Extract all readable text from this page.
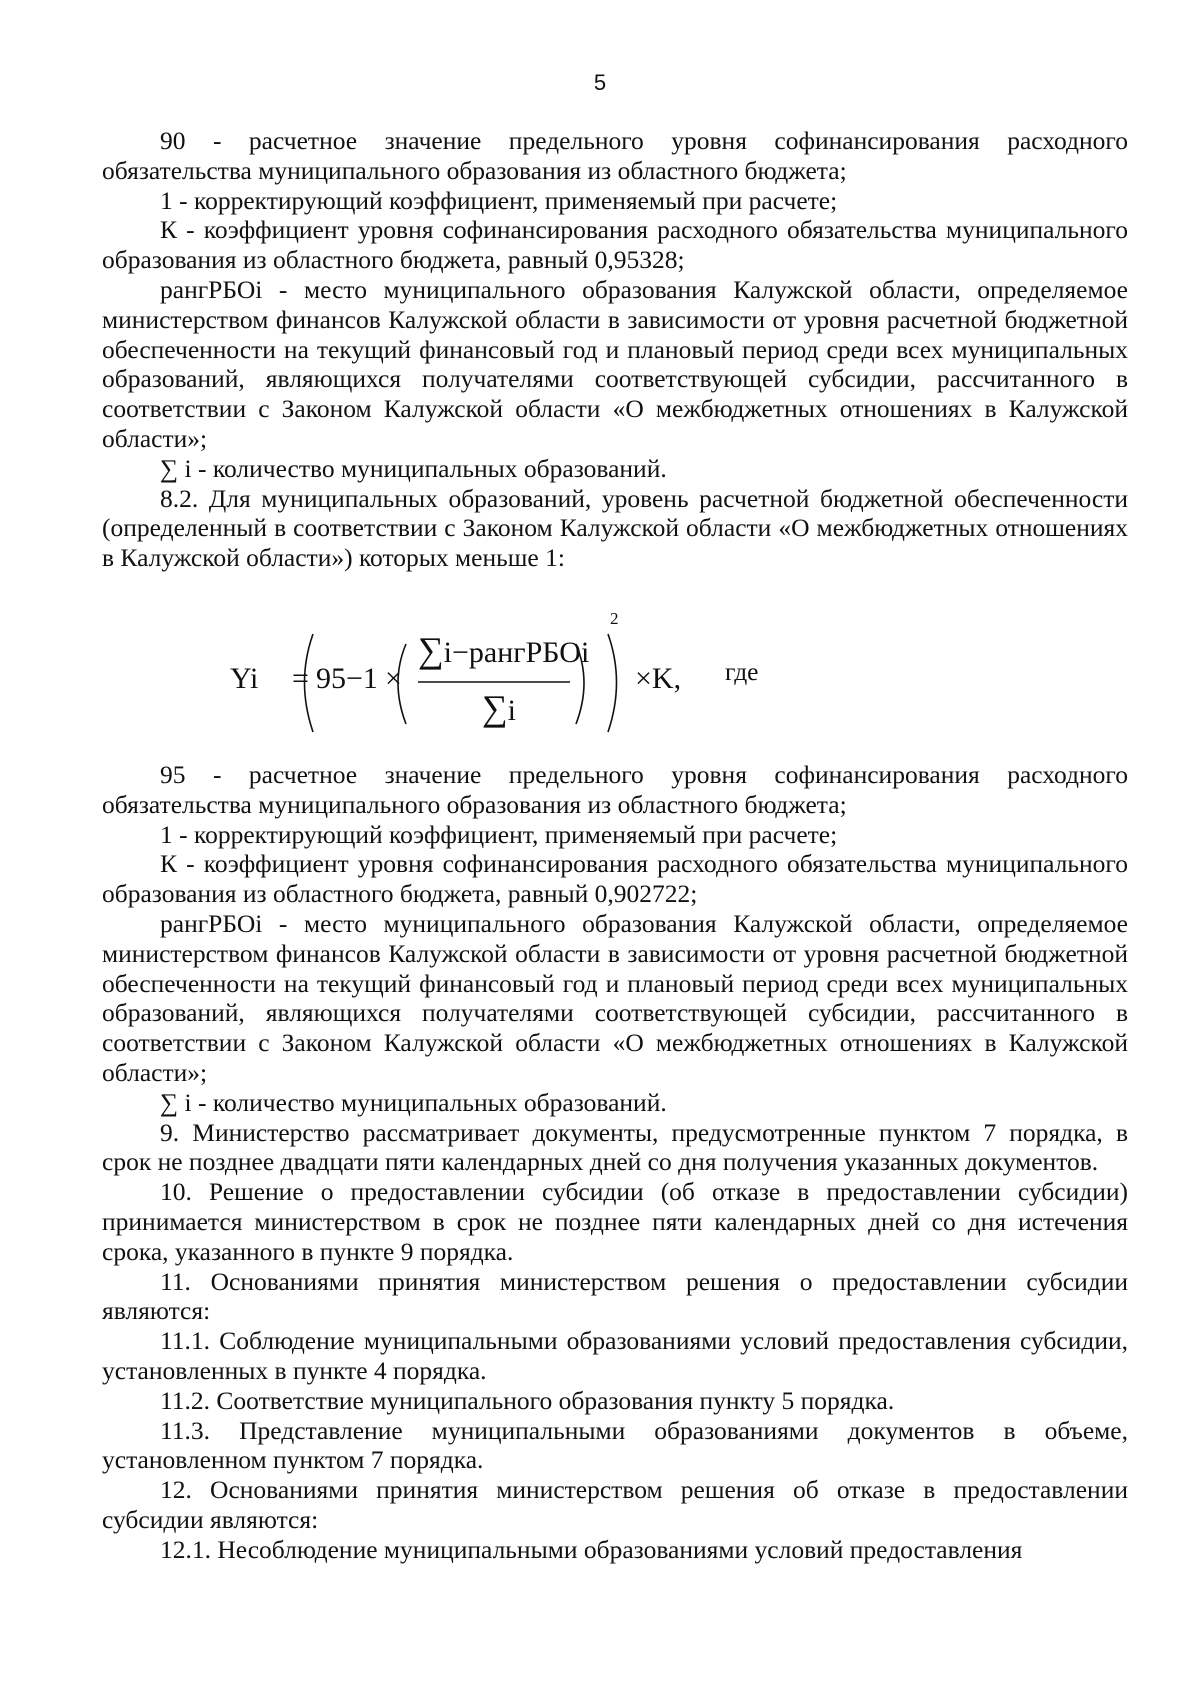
5

90 - расчетное значение предельного уровня софинансирования расходного обязательства муниципального образования из областного бюджета;

1 - корректирующий коэффициент, применяемый при расчете;

К - коэффициент уровня софинансирования расходного обязательства муниципального образования из областного бюджета, равный 0,95328;

рангРБОi - место муниципального образования Калужской области, определяемое министерством финансов Калужской области в зависимости от уровня расчетной бюджетной обеспеченности на текущий финансовый год и плановый период среди всех муниципальных образований, являющихся получателями соответствующей субсидии, рассчитанного в соответствии с Законом Калужской области «О межбюджетных отношениях в Калужской области»;

∑ i - количество муниципальных образований.

8.2. Для муниципальных образований, уровень расчетной бюджетной обеспеченности (определенный в соответствии с Законом Калужской области «О межбюджетных отношениях в Калужской области») которых меньше 1:

Yi = 95−1 ×
∑i−рангРБОi
∑i
2
×K, где

95 - расчетное значение предельного уровня софинансирования расходного обязательства муниципального образования из областного бюджета;

1 - корректирующий коэффициент, применяемый при расчете;

К - коэффициент уровня софинансирования расходного обязательства муниципального образования из областного бюджета, равный 0,902722;

рангРБОi - место муниципального образования Калужской области, определяемое министерством финансов Калужской области в зависимости от уровня расчетной бюджетной обеспеченности на текущий финансовый год и плановый период среди всех муниципальных образований, являющихся получателями соответствующей субсидии, рассчитанного в соответствии с Законом Калужской области «О межбюджетных отношениях в Калужской области»;

∑ i - количество муниципальных образований.

9. Министерство рассматривает документы, предусмотренные пунктом 7 порядка, в срок не позднее двадцати пяти календарных дней со дня получения указанных документов.

10. Решение о предоставлении субсидии (об отказе в предоставлении субсидии) принимается министерством в срок не позднее пяти календарных дней со дня истечения срока, указанного в пункте 9 порядка.

11. Основаниями принятия министерством решения о предоставлении субсидии являются:

11.1. Соблюдение муниципальными образованиями условий предоставления субсидии, установленных в пункте 4 порядка.

11.2. Соответствие муниципального образования пункту 5 порядка.

11.3. Представление муниципальными образованиями документов в объеме, установленном пунктом 7 порядка.

12. Основаниями принятия министерством решения об отказе в предоставлении субсидии являются:

12.1. Несоблюдение муниципальными образованиями условий предоставления
